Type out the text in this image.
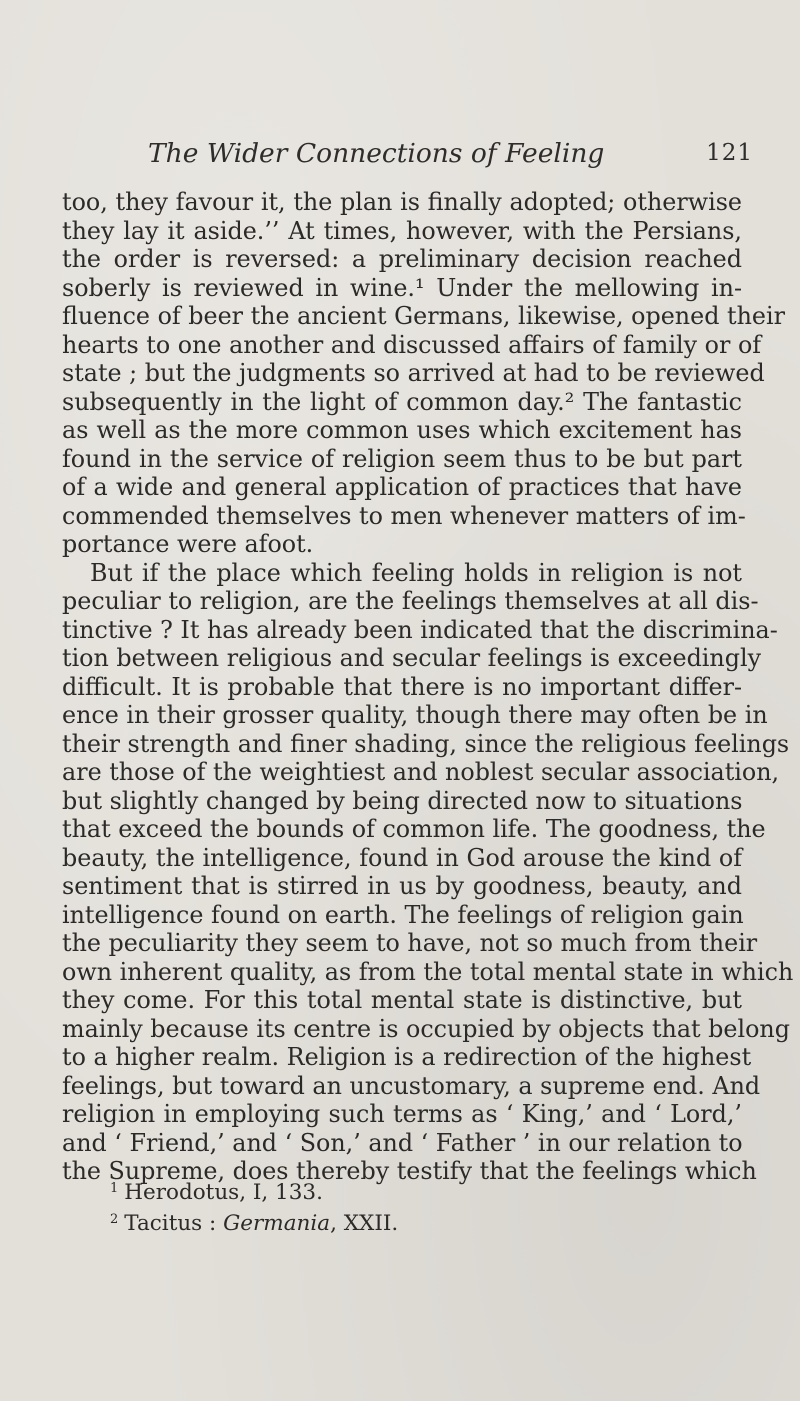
The Wider Connections of Feeling	121
too, they favour it, the plan is finally adopted; otherwise
they lay it aside.’’ At times, however, with the Persians,
the order is reversed: a preliminary decision reached
soberly is reviewed in wine.¹ Under the mellowing in-
fluence of beer the ancient Germans, likewise, opened their
hearts to one another and discussed affairs of family or of
state ; but the judgments so arrived at had to be reviewed
subsequently in the light of common day.² The fantastic
as well as the more common uses which excitement has
found in the service of religion seem thus to be but part
of a wide and general application of practices that have
commended themselves to men whenever matters of im-
portance were afoot.
But if the place which feeling holds in religion is not
peculiar to religion, are the feelings themselves at all dis-
tinctive ? It has already been indicated that the discrimina-
tion between religious and secular feelings is exceedingly
difficult. It is probable that there is no important differ-
ence in their grosser quality, though there may often be in
their strength and finer shading, since the religious feelings
are those of the weightiest and noblest secular association,
but slightly changed by being directed now to situations
that exceed the bounds of common life. The goodness, the
beauty, the intelligence, found in God arouse the kind of
sentiment that is stirred in us by goodness, beauty, and
intelligence found on earth. The feelings of religion gain
the peculiarity they seem to have, not so much from their
own inherent quality, as from the total mental state in which
they come. For this total mental state is distinctive, but
mainly because its centre is occupied by objects that belong
to a higher realm. Religion is a redirection of the highest
feelings, but toward an uncustomary, a supreme end. And
religion in employing such terms as ‘ King,’ and ‘ Lord,’
and ‘ Friend,’ and ‘ Son,’ and ‘ Father ’ in our relation to
the Supreme, does thereby testify that the feelings which
$^1$ Herodotus, I, 133.
$^2$ Tacitus : Germania, XXII.
